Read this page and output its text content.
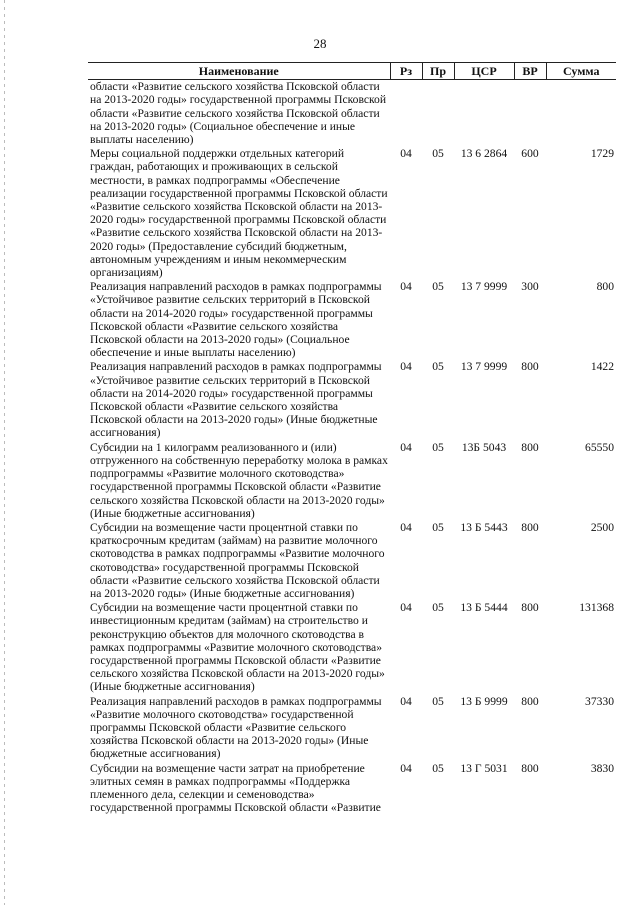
28
Наименование	Рз	Пр	ЦСР	ВР	Сумма
области «Развитие сельского хозяйства Псковской области на 2013-2020 годы» государственной программы Псковской области «Развитие сельского хозяйства Псковской области на 2013-2020 годы» (Социальное обеспечение и иные выплаты населению)					
Меры социальной поддержки отдельных категорий граждан, работающих и проживающих в сельской местности, в рамках подпрограммы «Обеспечение реализации государственной программы Псковской области «Развитие сельского хозяйства Псковской области на 2013-2020 годы» государственной программы Псковской области «Развитие сельского хозяйства Псковской области на 2013-2020 годы» (Предоставление субсидий бюджетным, автономным учреждениям и иным некоммерческим организациям)	04	05	13 6 2864	600	1729
Реализация направлений расходов в рамках подпрограммы «Устойчивое развитие сельских территорий в Псковской области на 2014-2020 годы» государственной программы Псковской области «Развитие сельского хозяйства Псковской области на 2013-2020 годы» (Социальное обеспечение и иные выплаты населению)	04	05	13 7 9999	300	800
Реализация направлений расходов в рамках подпрограммы «Устойчивое развитие сельских территорий в Псковской области на 2014-2020 годы» государственной программы Псковской области «Развитие сельского хозяйства Псковской области на 2013-2020 годы» (Иные бюджетные ассигнования)	04	05	13 7 9999	800	1422
Субсидии на 1 килограмм реализованного и (или) отгруженного на собственную переработку молока в рамках подпрограммы «Развитие молочного скотоводства» государственной программы Псковской области «Развитие сельского хозяйства Псковской области на 2013-2020 годы» (Иные бюджетные ассигнования)	04	05	13Б 5043	800	65550
Субсидии на возмещение части процентной ставки по краткосрочным кредитам (займам) на развитие молочного скотоводства в рамках подпрограммы «Развитие молочного скотоводства» государственной программы Псковской области «Развитие сельского хозяйства Псковской области на 2013-2020 годы» (Иные бюджетные ассигнования)	04	05	13 Б 5443	800	2500
Субсидии на возмещение части процентной ставки по инвестиционным кредитам (займам) на строительство и реконструкцию объектов для молочного скотоводства в рамках подпрограммы «Развитие молочного скотоводства» государственной программы Псковской области «Развитие сельского хозяйства Псковской области на 2013-2020 годы» (Иные бюджетные ассигнования)	04	05	13 Б 5444	800	131368
Реализация направлений расходов в рамках подпрограммы «Развитие молочного скотоводства» государственной программы Псковской области «Развитие сельского хозяйства Псковской области на 2013-2020 годы» (Иные бюджетные ассигнования)	04	05	13 Б 9999	800	37330
Субсидии на возмещение части затрат на приобретение элитных семян в рамках подпрограммы «Поддержка племенного дела, селекции и семеноводства» государственной программы Псковской области «Развитие	04	05	13 Г 5031	800	3830
